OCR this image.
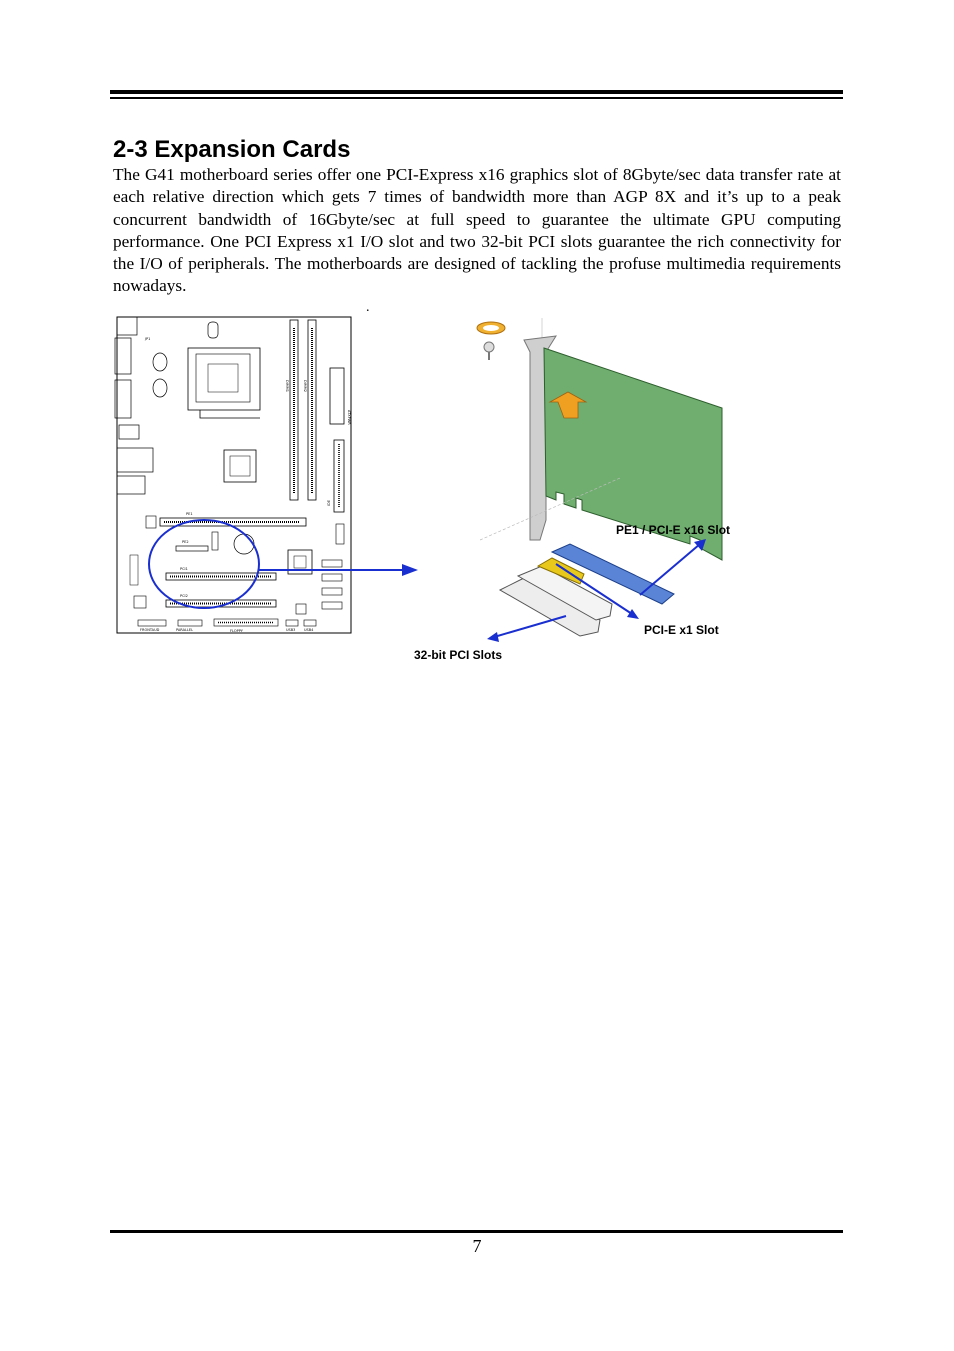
2-3 Expansion Cards

The G41 motherboard series offer one PCI-Express x16 graphics slot of 8Gbyte/sec data transfer rate at each relative direction which gets 7 times of bandwidth more than AGP 8X and it’s up to a peak concurrent bandwidth of 16Gbyte/sec at full speed to guarantee the ultimate GPU computing performance. One PCI Express x1 I/O slot and two 32-bit PCI slots guarantee the rich connectivity for the I/O of peripherals. The motherboards are designed of tackling the profuse multimedia requirements nowadays.

.
JP1
DIMM1	DIMM2
ATXPWR
IDE
PE1
PE2
PCI1
PCI2
FRONTAUD	PARALLEL	FLOPPY	USB3 USB4
PE1 / PCI-E x16 Slot
PCI-E x1 Slot
32-bit PCI Slots
7
